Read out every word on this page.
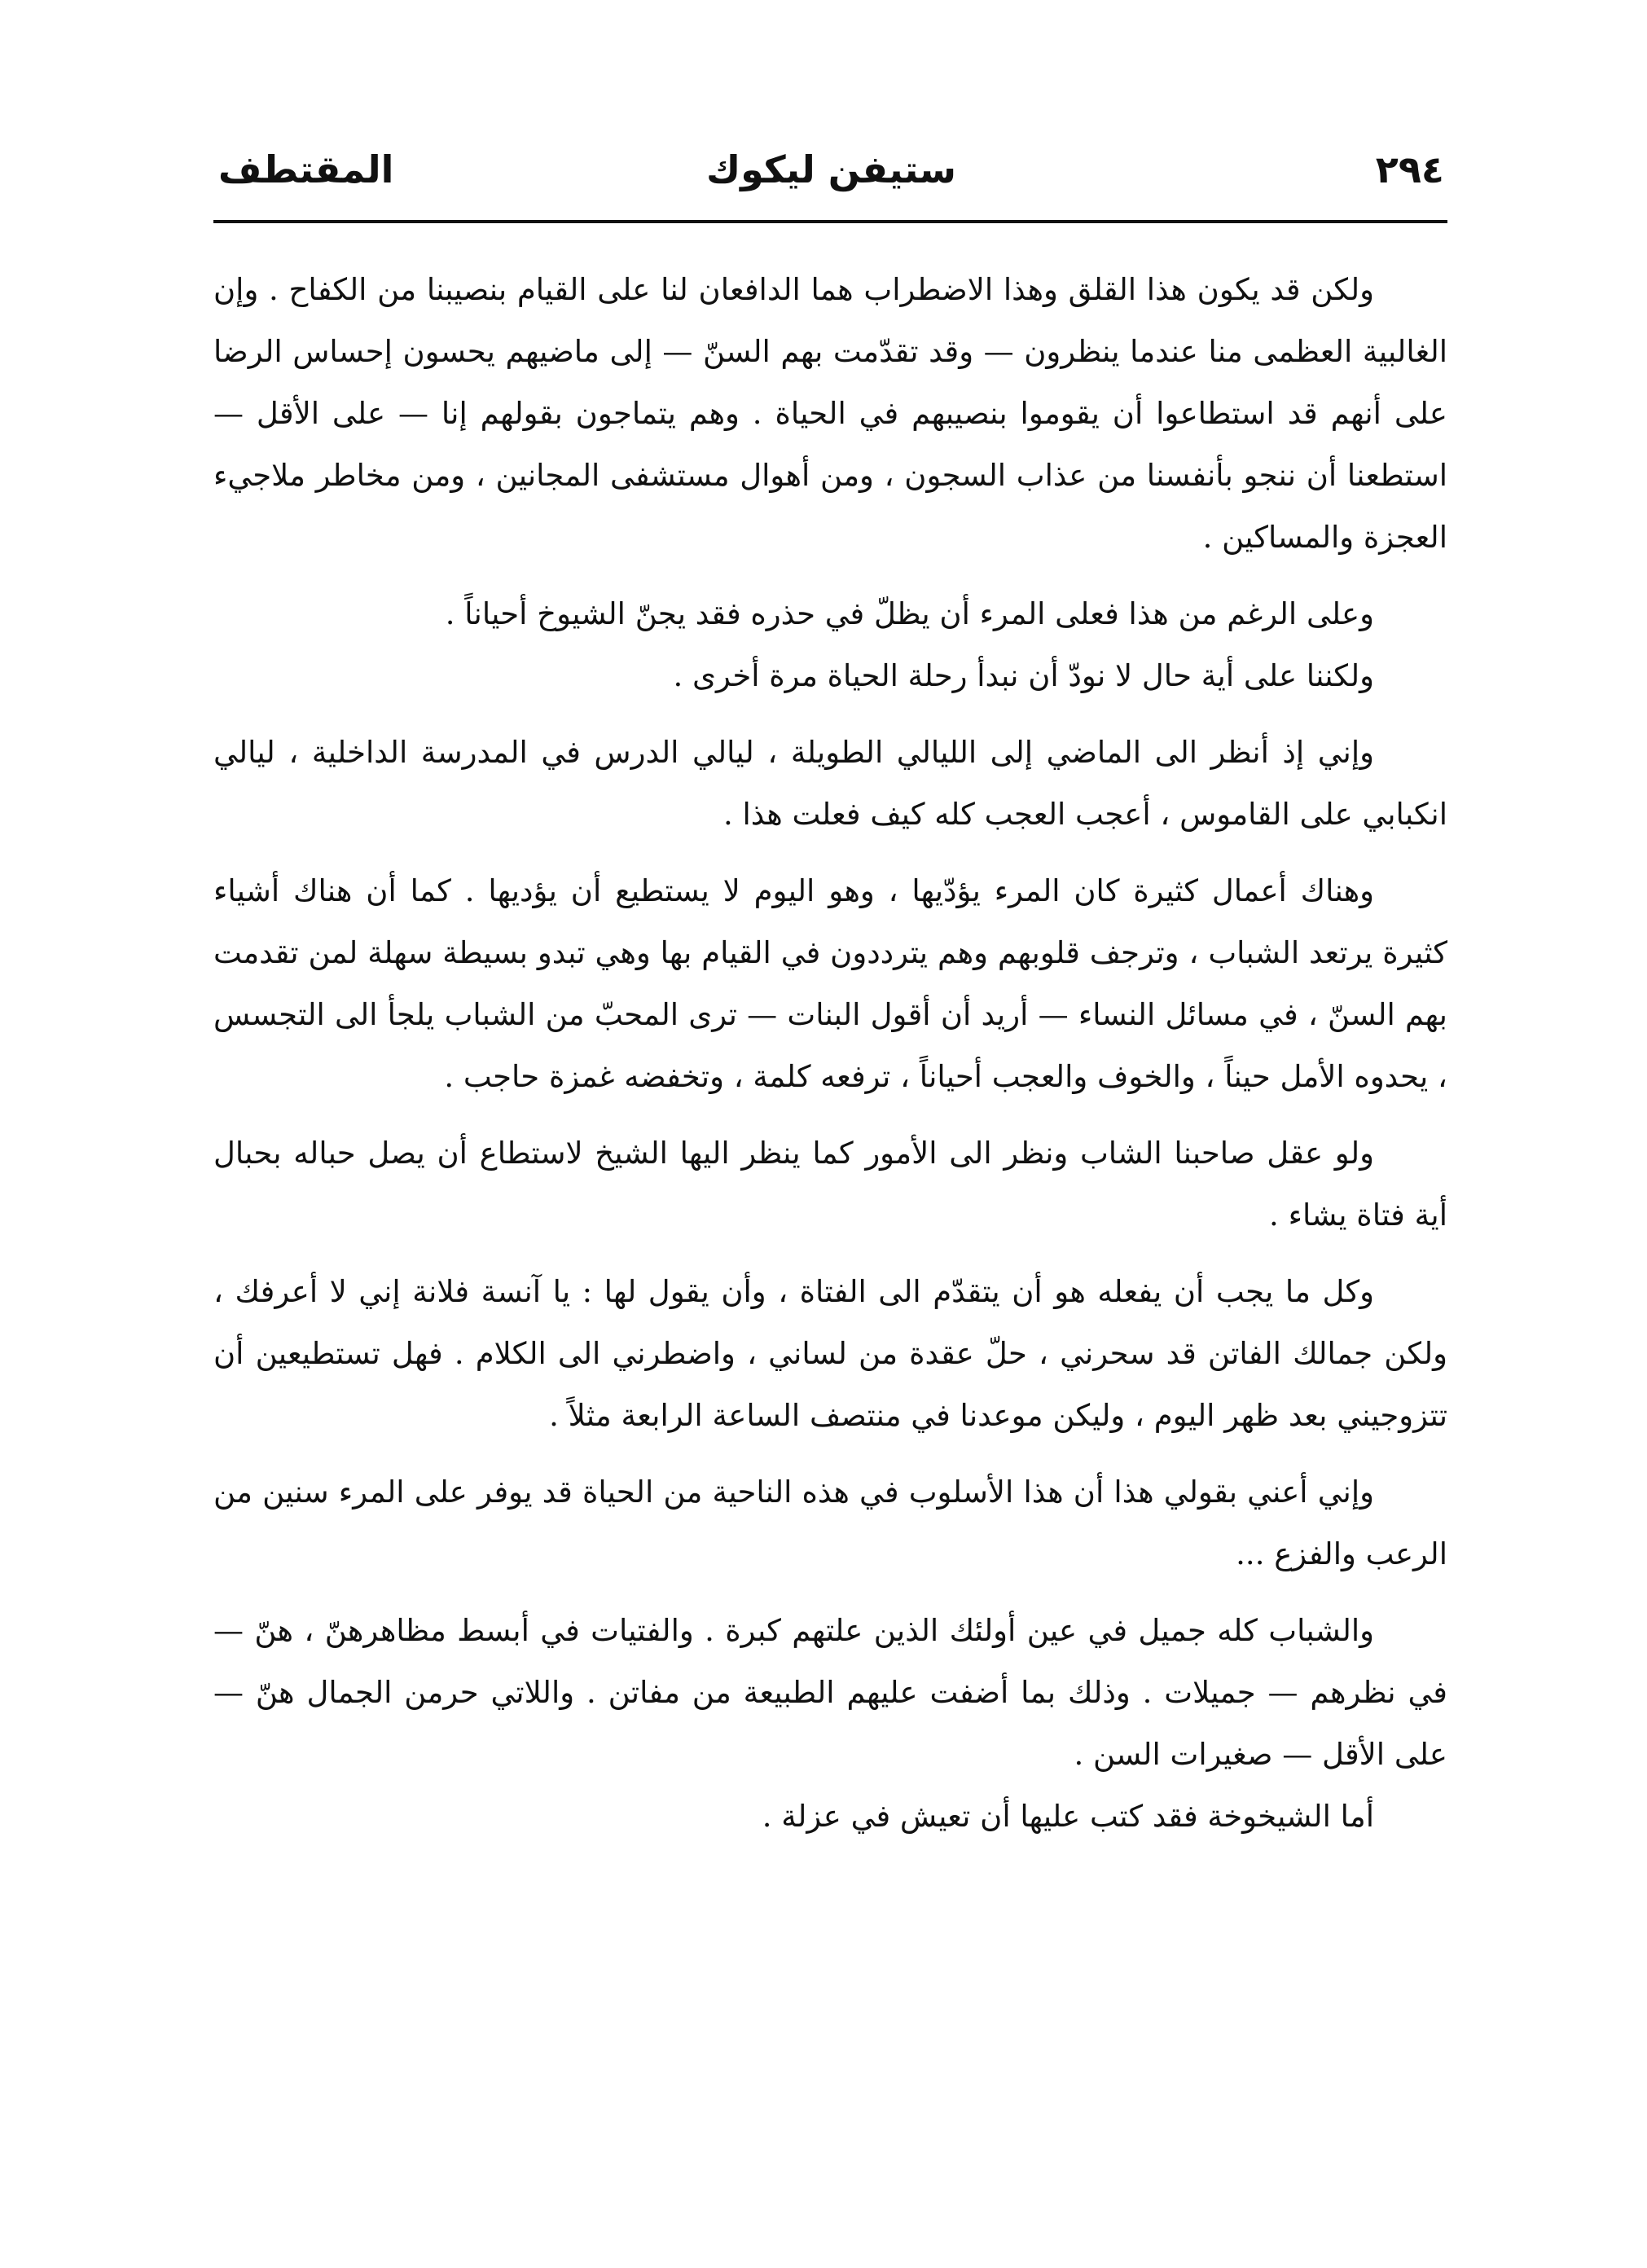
٢٩٤
ستيفن ليكوك
المقتطف

ولكن قد يكون هذا القلق وهذا الاضطراب هما الدافعان لنا على القيام بنصيبنا من الكفاح . وإن الغالبية العظمى منا عندما ينظرون — وقد تقدّمت بهم السنّ — إلى ماضيهم يحسون إحساس الرضا على أنهم قد استطاعوا أن يقوموا بنصيبهم في الحياة . وهم يتماجون بقولهم إنا — على الأقل — استطعنا أن ننجو بأنفسنا من عذاب السجون ، ومن أهوال مستشفى المجانين ، ومن مخاطر ملاجيء العجزة والمساكين .

وعلى الرغم من هذا فعلى المرء أن يظلّ في حذره فقد يجنّ الشيوخ أحياناً .

ولكننا على أية حال لا نودّ أن نبدأ رحلة الحياة مرة أخرى .

وإني إذ أنظر الى الماضي إلى الليالي الطويلة ، ليالي الدرس في المدرسة الداخلية ، ليالي انكبابي على القاموس ، أعجب العجب كله كيف فعلت هذا .

وهناك أعمال كثيرة كان المرء يؤدّيها ، وهو اليوم لا يستطيع أن يؤديها . كما أن هناك أشياء كثيرة يرتعد الشباب ، وترجف قلوبهم وهم يترددون في القيام بها وهي تبدو بسيطة سهلة لمن تقدمت بهم السنّ ، في مسائل النساء — أريد أن أقول البنات — ترى المحبّ من الشباب يلجأ الى التجسس ، يحدوه الأمل حيناً ، والخوف والعجب أحياناً ، ترفعه كلمة ، وتخفضه غمزة حاجب .

ولو عقل صاحبنا الشاب ونظر الى الأمور كما ينظر اليها الشيخ لاستطاع أن يصل حباله بحبال أية فتاة يشاء .

وكل ما يجب أن يفعله هو أن يتقدّم الى الفتاة ، وأن يقول لها : يا آنسة فلانة إني لا أعرفك ، ولكن جمالك الفاتن قد سحرني ، حلّ عقدة من لساني ، واضطرني الى الكلام . فهل تستطيعين أن تتزوجيني بعد ظهر اليوم ، وليكن موعدنا في منتصف الساعة الرابعة مثلاً .

وإني أعني بقولي هذا أن هذا الأسلوب في هذه الناحية من الحياة قد يوفر على المرء سنين من الرعب والفزع ...

والشباب كله جميل في عين أولئك الذين علتهم كبرة . والفتيات في أبسط مظاهرهنّ ، هنّ — في نظرهم — جميلات . وذلك بما أضفت عليهم الطبيعة من مفاتن . واللاتي حرمن الجمال هنّ — على الأقل — صغيرات السن .

أما الشيخوخة فقد كتب عليها أن تعيش في عزلة .
